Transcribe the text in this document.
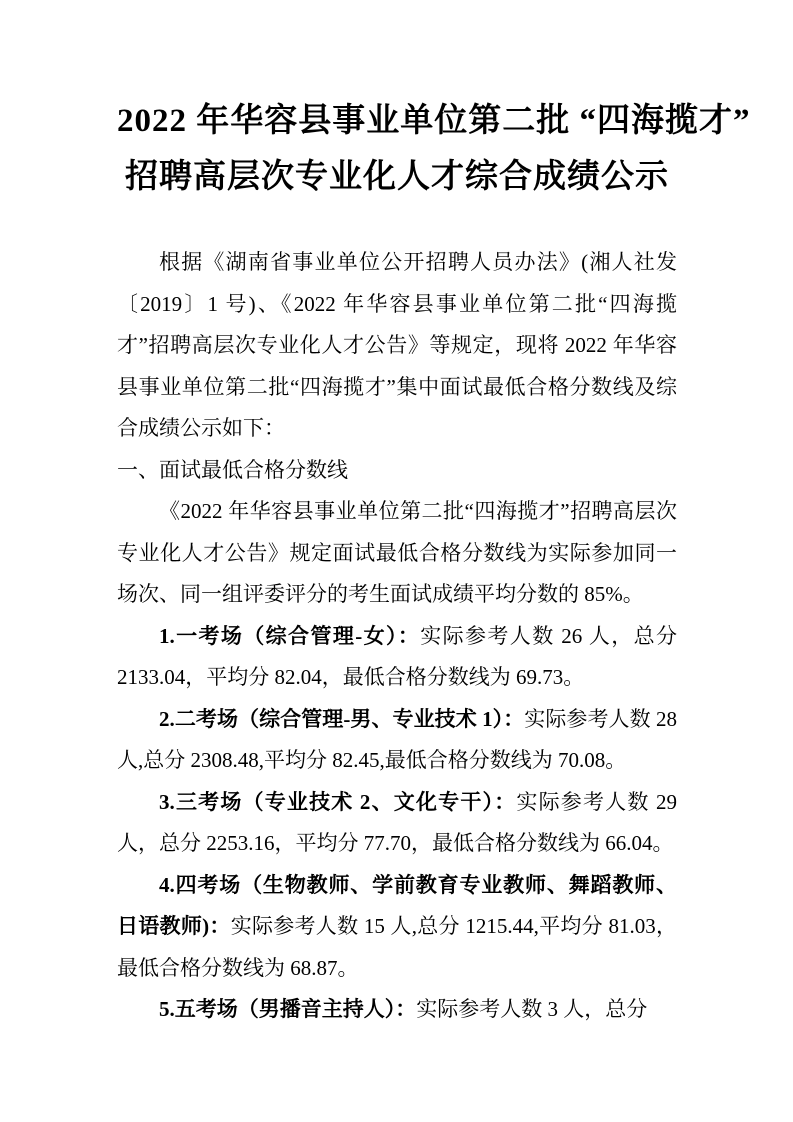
2022 年华容县事业单位第二批 “四海揽才”
招聘高层次专业化人才综合成绩公示

根据《湖南省事业单位公开招聘人员办法》(湘人社发〔2019〕1 号)、《2022 年华容县事业单位第二批“四海揽才”招聘高层次专业化人才公告》等规定，现将 2022 年华容县事业单位第二批“四海揽才”集中面试最低合格分数线及综合成绩公示如下：

一、面试最低合格分数线

《2022 年华容县事业单位第二批“四海揽才”招聘高层次专业化人才公告》规定面试最低合格分数线为实际参加同一场次、同一组评委评分的考生面试成绩平均分数的 85%。

1.一考场（综合管理-女）：实际参考人数 26 人，总分 2133.04，平均分 82.04，最低合格分数线为 69.73。

2.二考场（综合管理-男、专业技术 1）：实际参考人数 28 人,总分 2308.48,平均分 82.45,最低合格分数线为 70.08。

3.三考场（专业技术 2、文化专干）：实际参考人数 29 人，总分 2253.16，平均分 77.70，最低合格分数线为 66.04。

4.四考场（生物教师、学前教育专业教师、舞蹈教师、日语教师)：实际参考人数 15 人,总分 1215.44,平均分 81.03，最低合格分数线为 68.87。

5.五考场（男播音主持人）：实际参考人数 3 人，总分
